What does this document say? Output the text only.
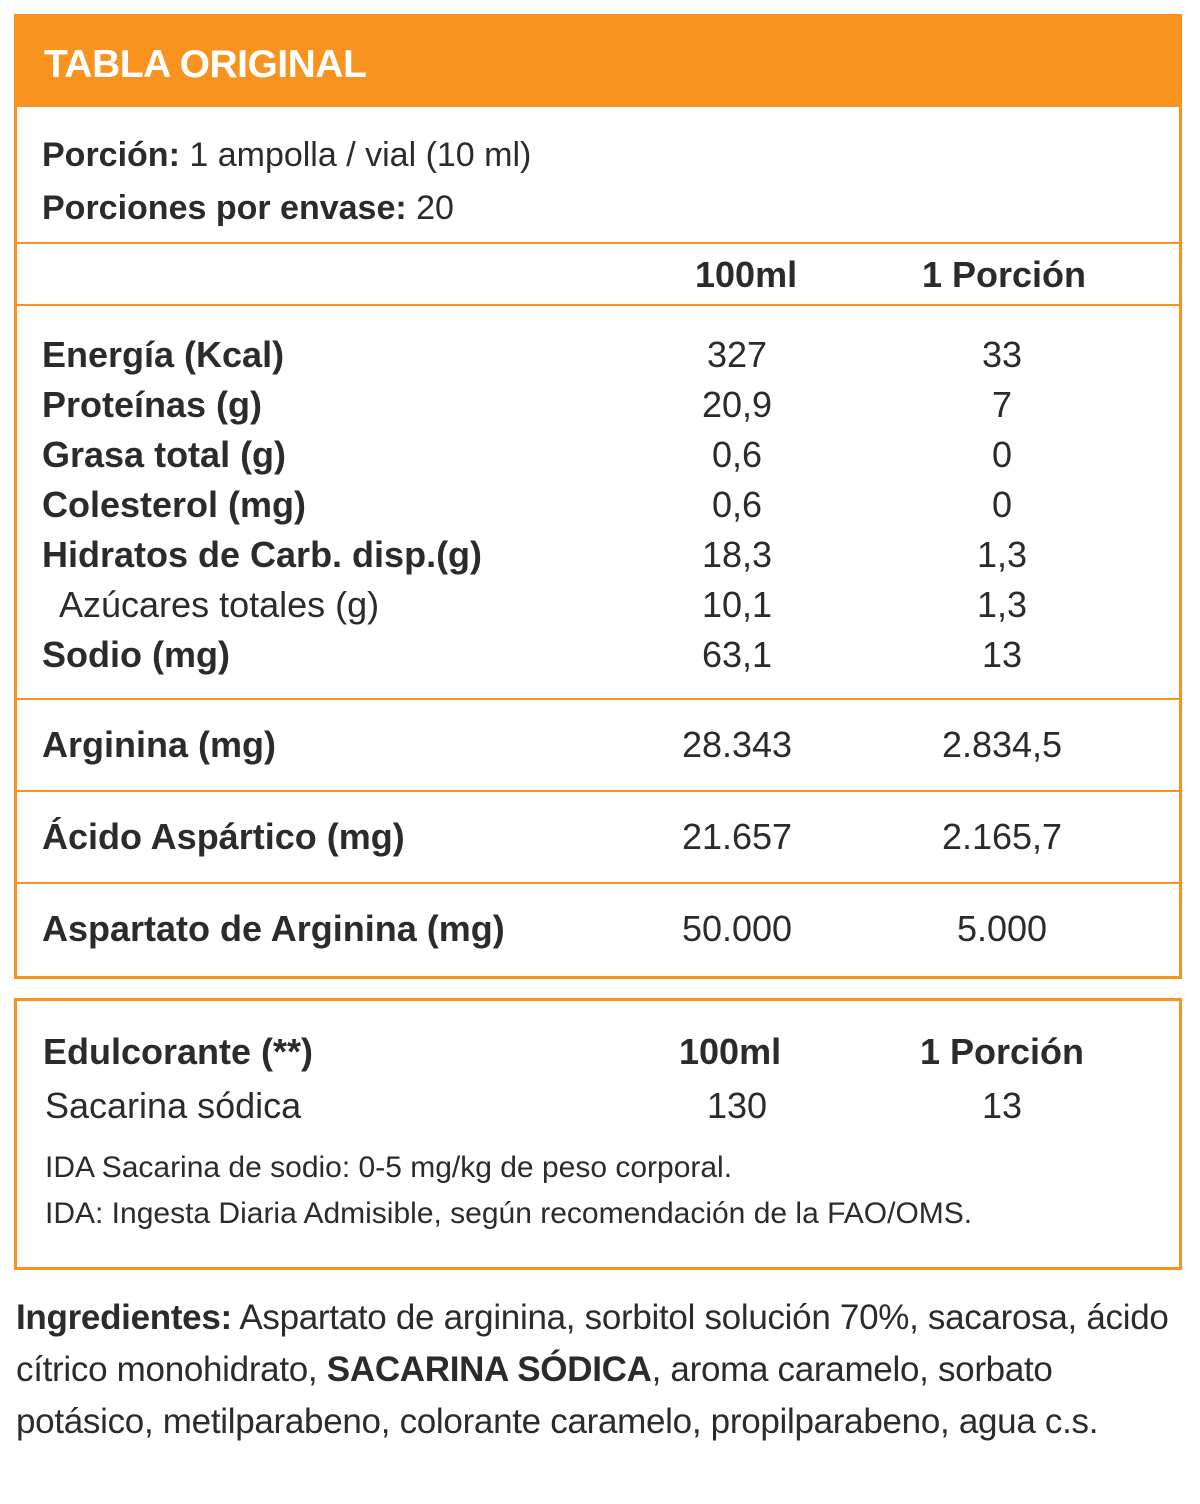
TABLA ORIGINAL
Porción: 1 ampolla / vial (10 ml)
Porciones por envase: 20
100ml	1 Porción
Energía (Kcal)	327	33
Proteínas (g)	20,9	7
Grasa total (g)	0,6	0
Colesterol (mg)	0,6	0
Hidratos de Carb. disp.(g)	18,3	1,3
Azúcares totales (g)	10,1	1,3
Sodio (mg)	63,1	13
Arginina (mg)	28.343	2.834,5
Ácido Aspártico (mg)	21.657	2.165,7
Aspartato de Arginina (mg)	50.000	5.000
Edulcorante (**)	100ml	1 Porción
Sacarina sódica	130	13
IDA Sacarina de sodio: 0-5 mg/kg de peso corporal.
IDA: Ingesta Diaria Admisible, según recomendación de la FAO/OMS.
Ingredientes: Aspartato de arginina, sorbitol solución 70%, sacarosa, ácido cítrico monohidrato, SACARINA SÓDICA, aroma caramelo, sorbato potásico, metilparabeno, colorante caramelo, propilparabeno, agua c.s.
